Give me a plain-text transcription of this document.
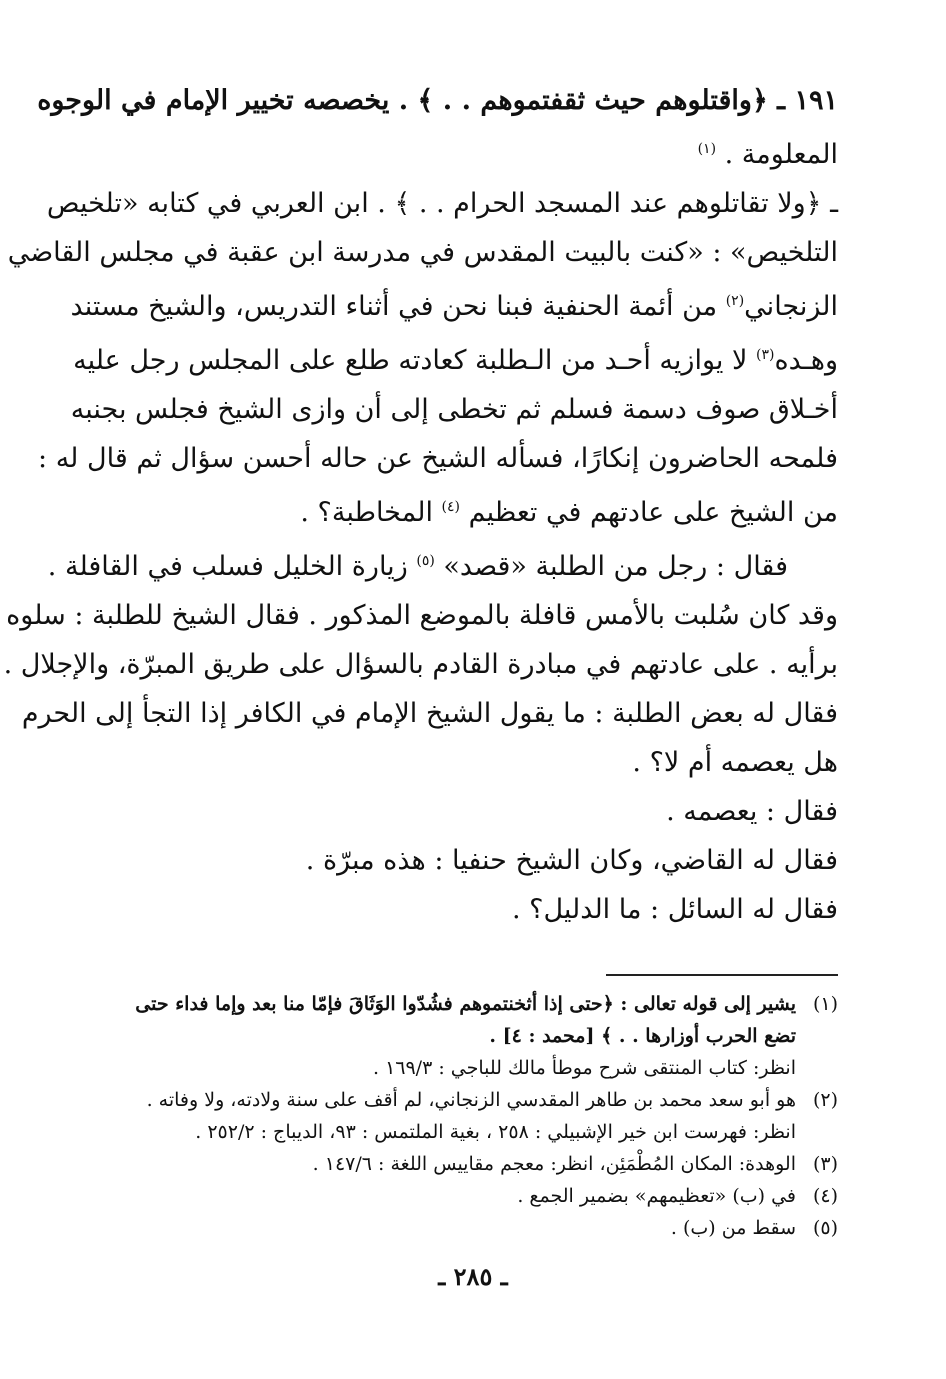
١٩١ ـ ﴿واقتلوهم حيث ثقفتموهم . . ﴾ . يخصصه تخيير الإمام في الوجوه
المعلومة . $^{(١)}$
ـ ﴿ولا تقاتلوهم عند المسجد الحرام . . ﴾ . ابن العربي في كتابه «تلخيص
التلخيص» : «كنت بالبيت المقدس في مدرسة ابن عقبة في مجلس القاضي
الزنجاني$^{(٢)}$ من أئمة الحنفية فبنا نحن في أثناء التدريس، والشيخ مستند
وهـده$^{(٣)}$ لا يوازيه أحـد من الـطلبة كعادته طلع على المجلس رجل عليه
أخـلاق صوف دسمة فسلم ثم تخطى إلى أن وازى الشيخ فجلس بجنبه
فلمحه الحاضرون إنكارًا، فسأله الشيخ عن حاله أحسن سؤال ثم قال له :
من الشيخ على عادتهم في تعظيم $^{(٤)}$ المخاطبة؟ .
فقال : رجل من الطلبة «قصد» $^{(٥)}$ زيارة الخليل فسلب في القافلة .
وقد كان سُلبت بالأمس قافلة بالموضع المذكور . فقال الشيخ للطلبة : سلوه
برأيه . على عادتهم في مبادرة القادم بالسؤال على طريق المبرّة، والإجلال .
فقال له بعض الطلبة : ما يقول الشيخ الإمام في الكافر إذا التجأ إلى الحرم
هل يعصمه أم لا؟ .
فقال : يعصمه .
فقال له القاضي، وكان الشيخ حنفيا : هذه مبرّة .
فقال له السائل : ما الدليل؟ .
(١)
يشير إلى قوله تعالى : ﴿حتى إذا أثخنتموهم فشُدّوا الوَثَاقَ فإمّا منا بعد وإما فداء حتى
تضع الحرب أوزارها . . ﴾ [محمد : ٤] .
انظر: كتاب المنتقى شرح موطأ مالك للباجي : ١٦٩/٣ .
(٢)
هو أبو سعد محمد بن طاهر المقدسي الزنجاني، لم أقف على سنة ولادته، ولا وفاته .
انظر: فهرست ابن خير الإشبيلي : ٢٥٨ ، بغية الملتمس : ٩٣، الديباج : ٢٥٢/٢ .
(٣)
الوهدة: المكان المُطْمَئِن، انظر: معجم مقاييس اللغة : ١٤٧/٦ .
(٤)
في (ب) «تعظيمهم» بضمير الجمع .
(٥)
سقط من (ب) .
ـ ٢٨٥ ـ
